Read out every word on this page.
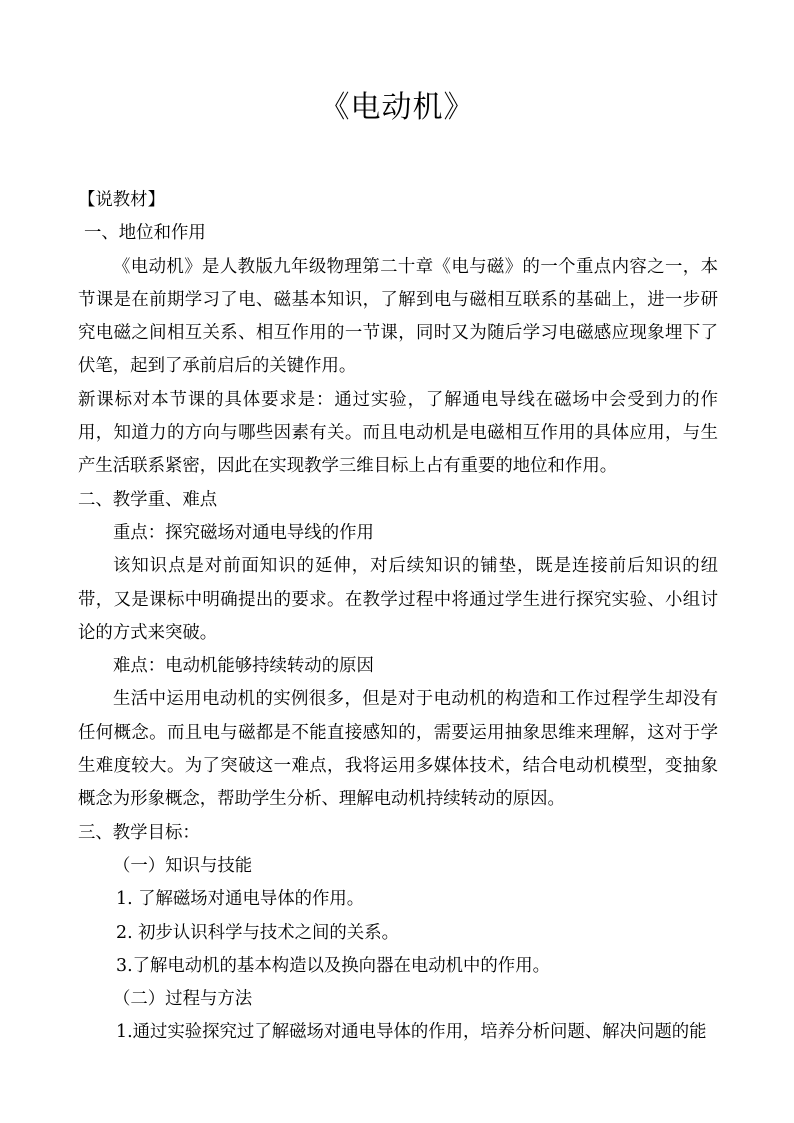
《电动机》

【说教材】

一、地位和作用

《电动机》是人教版九年级物理第二十章《电与磁》的一个重点内容之一，本节课是在前期学习了电、磁基本知识，了解到电与磁相互联系的基础上，进一步研究电磁之间相互关系、相互作用的一节课，同时又为随后学习电磁感应现象埋下了伏笔，起到了承前启后的关键作用。

新课标对本节课的具体要求是：通过实验，了解通电导线在磁场中会受到力的作用，知道力的方向与哪些因素有关。而且电动机是电磁相互作用的具体应用，与生产生活联系紧密，因此在实现教学三维目标上占有重要的地位和作用。

二、教学重、难点

重点：探究磁场对通电导线的作用

该知识点是对前面知识的延伸，对后续知识的铺垫，既是连接前后知识的纽带，又是课标中明确提出的要求。在教学过程中将通过学生进行探究实验、小组讨论的方式来突破。

难点：电动机能够持续转动的原因

生活中运用电动机的实例很多，但是对于电动机的构造和工作过程学生却没有任何概念。而且电与磁都是不能直接感知的，需要运用抽象思维来理解，这对于学生难度较大。为了突破这一难点，我将运用多媒体技术，结合电动机模型，变抽象概念为形象概念，帮助学生分析、理解电动机持续转动的原因。

三、教学目标：

（一）知识与技能

1. 了解磁场对通电导体的作用。

2. 初步认识科学与技术之间的关系。

3.了解电动机的基本构造以及换向器在电动机中的作用。

（二）过程与方法

1.通过实验探究过了解磁场对通电导体的作用，培养分析问题、解决问题的能
